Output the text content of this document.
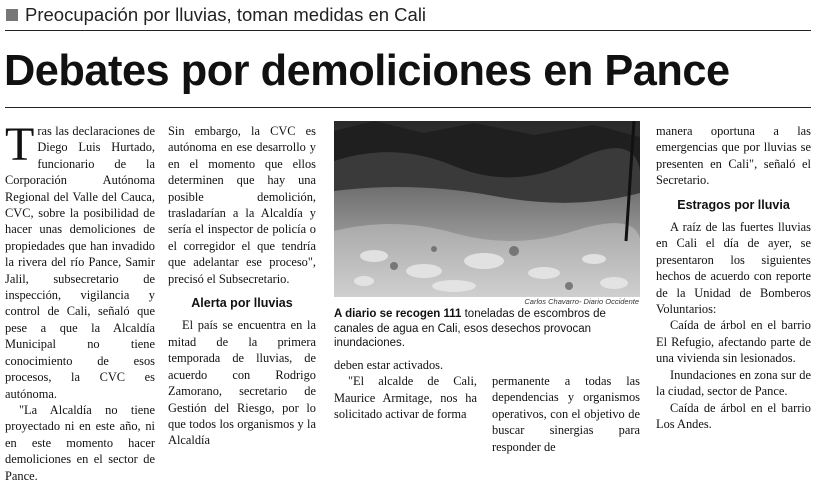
Preocupación por lluvias, toman medidas en Cali
Debates por demoliciones en Pance

Tras las declaraciones de Diego Luis Hurtado, funcionario de la Corporación Autónoma Regional del Valle del Cauca, CVC, sobre la posibilidad de hacer unas demoliciones de propiedades que han invadido la rivera del río Pance, Samir Jalil, subsecretario de inspección, vigilancia y control de Cali, señaló que pese a que la Alcaldía Municipal no tiene conocimiento de esos procesos, la CVC es autónoma.

"La Alcaldía no tiene proyectado ni en este año, ni en este momento hacer demoliciones en el sector de Pance.

Sin embargo, la CVC es autónoma en ese desarrollo y en el momento que ellos determinen que hay una posible demolición, trasladarían a la Alcaldía y sería el inspector de policía o el corregidor el que tendría que adelantar ese proceso", precisó el Subsecretario.

Alerta por lluvias

El país se encuentra en la mitad de la primera temporada de lluvias, de acuerdo con Rodrigo Zamorano, secretario de Gestión del Riesgo, por lo que todos los organismos y la Alcaldía

Carlos Chavarro- Diario Occidente
A diario se recogen 111 toneladas de escombros de canales de agua en Cali, esos desechos provocan inundaciones.

deben estar activados.

"El alcalde de Cali, Maurice Armitage, nos ha solicitado activar de forma

permanente a todas las dependencias y organismos operativos, con el objetivo de buscar sinergias para responder de

manera oportuna a las emergencias que por lluvias se presenten en Cali", señaló el Secretario.

Estragos por lluvia

A raíz de las fuertes lluvias en Cali el día de ayer, se presentaron los siguientes hechos de acuerdo con reporte de la Unidad de Bomberos Voluntarios:

Caída de árbol en el barrio El Refugio, afectando parte de una vivienda sin lesionados.

Inundaciones en zona sur de la ciudad, sector de Pance.

Caída de árbol en el barrio Los Andes.
